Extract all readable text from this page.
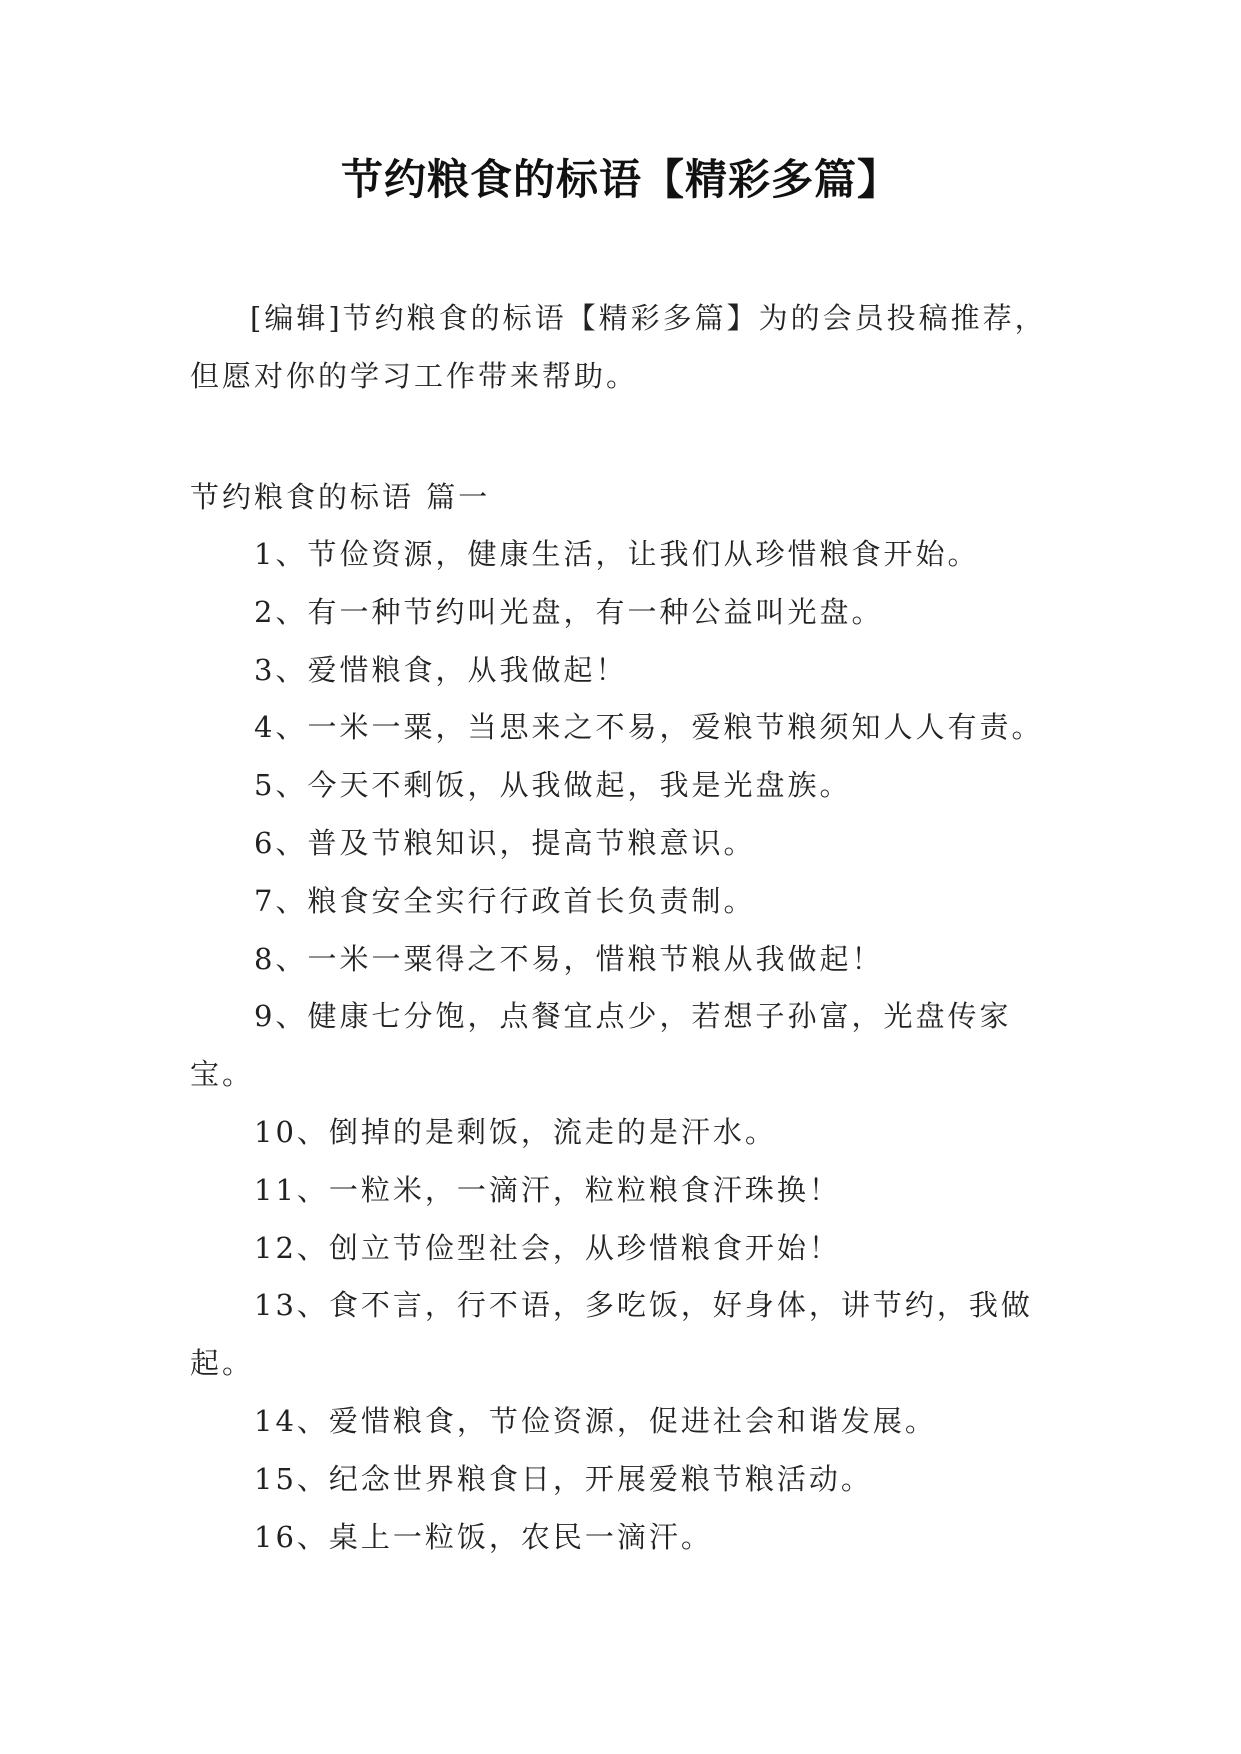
节约粮食的标语【精彩多篇】

[编辑]节约粮食的标语【精彩多篇】为的会员投稿推荐，但愿对你的学习工作带来帮助。

节约粮食的标语 篇一

1、节俭资源，健康生活，让我们从珍惜粮食开始。
2、有一种节约叫光盘，有一种公益叫光盘。
3、爱惜粮食，从我做起！
4、一米一粟，当思来之不易，爱粮节粮须知人人有责。
5、今天不剩饭，从我做起，我是光盘族。
6、普及节粮知识，提高节粮意识。
7、粮食安全实行行政首长负责制。
8、一米一粟得之不易，惜粮节粮从我做起！
9、健康七分饱，点餐宜点少，若想子孙富，光盘传家宝。
10、倒掉的是剩饭，流走的是汗水。
11、一粒米，一滴汗，粒粒粮食汗珠换！
12、创立节俭型社会，从珍惜粮食开始！
13、食不言，行不语，多吃饭，好身体，讲节约，我做起。
14、爱惜粮食，节俭资源，促进社会和谐发展。
15、纪念世界粮食日，开展爱粮节粮活动。
16、桌上一粒饭，农民一滴汗。
